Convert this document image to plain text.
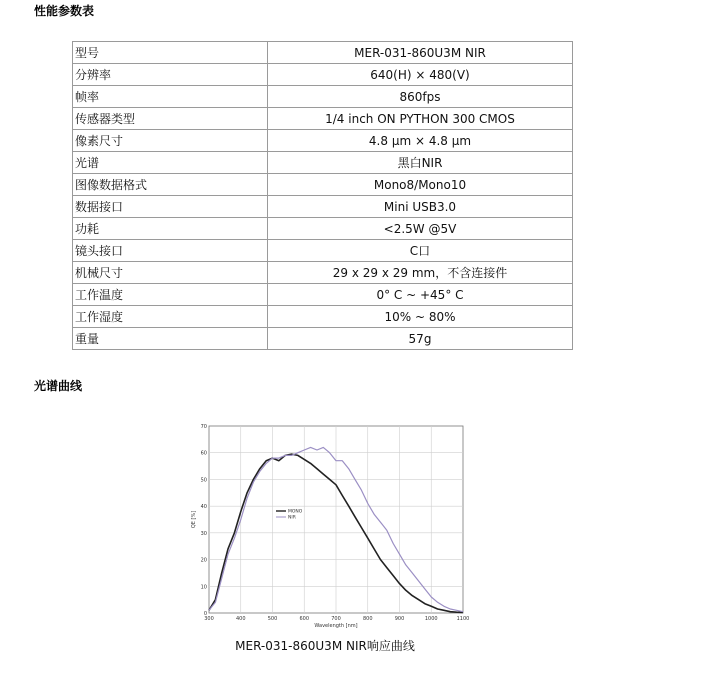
性能参数表
型号	MER-031-860U3M NIR
分辨率	640(H) × 480(V)
帧率	860fps
传感器类型	1/4 inch ON PYTHON 300 CMOS
像素尺寸	4.8 µm × 4.8 µm
光谱	黑白NIR
图像数据格式	Mono8/Mono10
数据接口	Mini USB3.0
功耗	<2.5W @5V
镜头接口	C口
机械尺寸	29 x 29 x 29 mm，不含连接件
工作温度	0° C ~ +45° C
工作湿度	10% ~ 80%
重量	57g
光谱曲线
300	400	500	600	700	800	900	1000	1100
0
10
20
30
40
50
60
70
Wavelength [nm]
QE [%]	MONO
NIR
MER-031-860U3M NIR响应曲线
